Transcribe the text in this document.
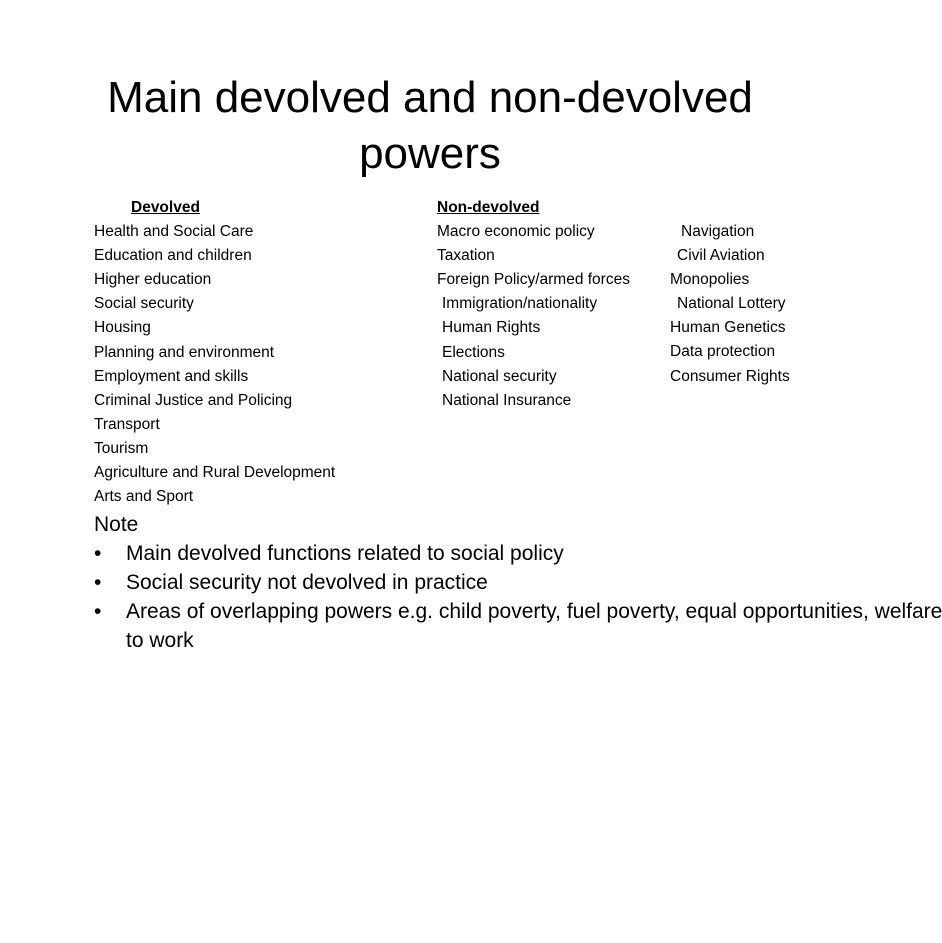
Main devolved and non-devolved
powers
Devolved
Health and Social Care
Education and children
Higher education
Social security
Housing
Planning and environment
Employment and skills
Criminal Justice and Policing
Transport
Tourism
Agriculture and Rural Development
Arts and Sport
Non-devolved
Macro economic policy
Taxation
Foreign Policy/armed forces
Immigration/nationality
Human Rights
Elections
National security
National Insurance
Navigation
Civil Aviation
Monopolies
National Lottery
Human Genetics
Data protection
Consumer Rights
Note
• Main devolved functions related to social policy
• Social security not devolved in practice
• Areas of overlapping powers e.g. child poverty, fuel poverty, equal opportunities, welfare
to work
